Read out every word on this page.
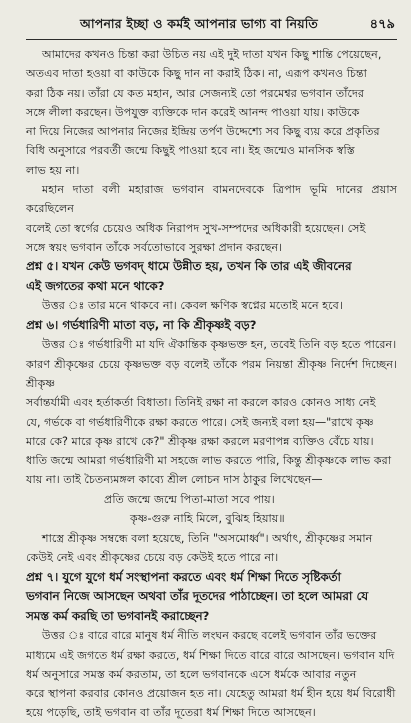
আপনার ইচ্ছা ও কর্মই আপনার ভাগ্য বা নিয়তি	৪৭৯

আমাদের কখনও চিন্তা করা উচিত নয় এই দুই দাতা যখন কিছু শান্তি পেয়েছেন,
অতএব দাতা হওয়া বা কাউকে কিছু দান না করাই ঠিক। না, এরূপ কখনও চিন্তা
করা ঠিক নয়। তাঁরা যে কত মহান, আর সেজন্যই তো পরমেশ্বর ভগবান তাঁদের
সঙ্গে লীলা করছেন। উপযুক্ত ব্যক্তিকে দান করেই আনন্দ পাওয়া যায়। কাউকে
না দিয়ে নিজের আপনার নিজের ইন্দ্রিয় তর্পণ উদ্দেশ্যে সব কিছু ব্যয় করে প্রকৃতির
বিধি অনুসারে পরবর্তী জন্মে কিছুই পাওয়া হবে না। ইহ জন্মেও মানসিক স্বস্তি
লাভ হয় না।

মহান দাতা বলী মহারাজ ভগবান বামনদেবকে ত্রিপাদ ভূমি দানের প্রয়াস করেছিলেন
বলেই তো স্বর্গের চেয়েও অধিক নিরাপদ সুখ-সম্পদের অধিকারী হয়েছেন। সেই
সঙ্গে স্বয়ং ভগবান তাঁকে সর্বতোভাবে সুরক্ষা প্রদান করছেন।

প্রশ্ন ৫। যখন কেউ ভগবদ্ ধামে উন্নীত হয়, তখন কি তার এই জীবনের
এই জগতের কথা মনে থাকে?

উত্তর ঃ তার মনে থাকবে না। কেবল ক্ষণিক স্বপ্নের মতোই মনে হবে।

প্রশ্ন ৬। গর্ভধারিণী মাতা বড়, না কি শ্রীকৃষ্ণই বড়?

উত্তর ঃ গর্ভধারিণী মা যদি ঐকান্তিক কৃষ্ণভক্ত হন, তবেই তিনি বড় হতে পারেন।
কারণ শ্রীকৃষ্ণের চেয়ে কৃষ্ণভক্ত বড় বলেই তাঁকে পরম নিয়ন্তা শ্রীকৃষ্ণ নির্দেশ দিচ্ছেন। শ্রীকৃষ্ণ
সর্বান্তর্যামী এবং হর্তাকর্তা বিধাতা। তিনিই রক্ষা না করলে কারও কোনও সাধ্য নেই
যে, গর্ভকে বা গর্ভধারিণীকে রক্ষা করতে পারে। সেই জন্যই বলা হয়—"রাখে কৃষ্ণ
মারে কে? মারে কৃষ্ণ রাখে কে?" শ্রীকৃষ্ণ রক্ষা করলে মরণাপন্ন ব্যক্তিও বেঁচে যায়।
ধাতি জন্মে আমরা গর্ভধারিণী মা সহজে লাভ করতে পারি, কিন্তু শ্রীকৃষ্ণকে লাভ করা
যায় না। তাই চৈতন্যমঙ্গল কাব্যে শ্রীল লোচন দাস ঠাকুর লিখেছেন—

প্রতি জন্মে জন্মে পিতা-মাতা সবে পায়।

কৃষ্ণ-গুরু নাহি মিলে, বুঝিহ হিয়ায়॥

শাস্ত্রে শ্রীকৃষ্ণ সম্বন্ধে বলা হয়েছে, তিনি "অসমোর্ধ্ব"। অর্থাৎ, শ্রীকৃষ্ণের সমান
কেউই নেই এবং শ্রীকৃষ্ণের চেয়ে বড় কেউই হতে পারে না।

প্রশ্ন ৭। যুগে যুগে ধর্ম সংস্থাপনা করতে এবং ধর্ম শিক্ষা দিতে সৃষ্টিকর্তা
ভগবান নিজে আসছেন অথবা তাঁর দূতদের পাঠাচ্ছেন। তা হলে আমরা যে
সমস্ত কর্ম করছি তা ভগবানই করাচ্ছেন?

উত্তর ঃ বারে বারে মানুষ ধর্ম নীতি লংঘন করছে বলেই ভগবান তাঁর ভক্তের
মাধ্যমে এই জগতে ধর্ম রক্ষা করতে, ধর্ম শিক্ষা দিতে বারে বারে আসছেন। ভগবান যদি
ধর্ম অনুসারে সমস্ত কর্ম করতাম, তা হলে ভগবানকে এসে ধর্মকে আবার নতুন
করে স্থাপনা করবার কোনও প্রয়োজন হত না। যেহেতু আমরা ধর্ম হীন হয়ে ধর্ম বিরোধী
হয়ে পড়েছি, তাই ভগবান বা তাঁর দূতেরা ধর্ম শিক্ষা দিতে আসছেন।
